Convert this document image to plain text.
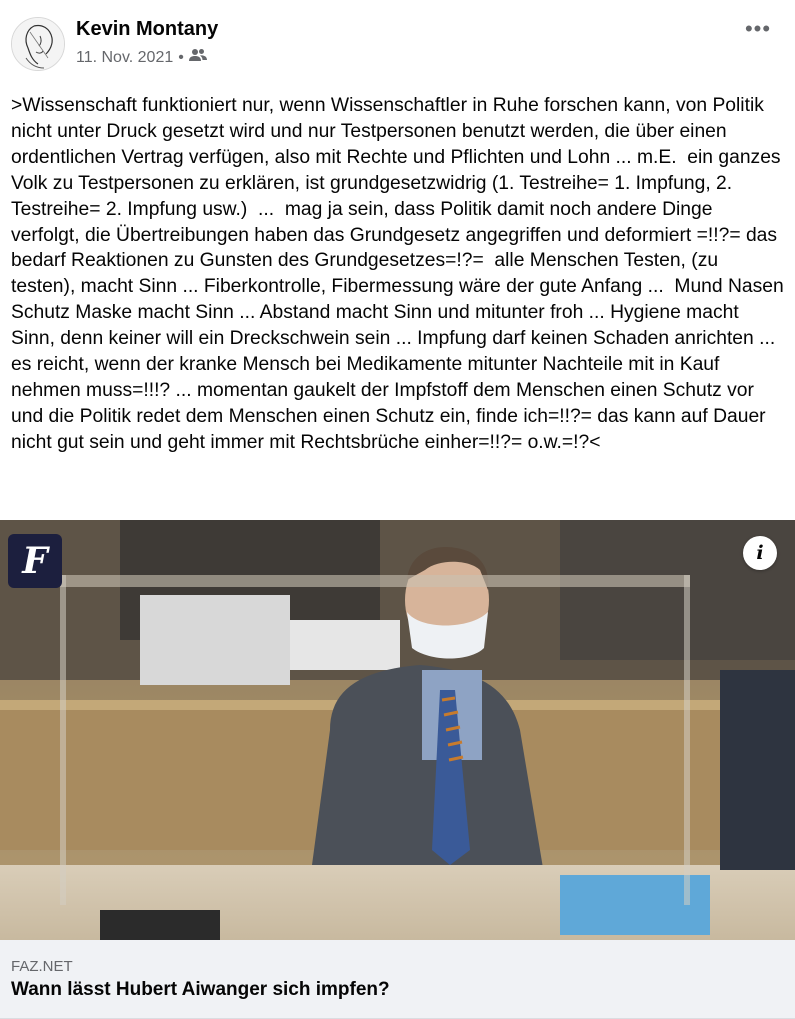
Kevin Montany
11. Nov. 2021 •
•••
>Wissenschaft funktioniert nur, wenn Wissenschaftler in Ruhe forschen kann, von Politik nicht unter Druck gesetzt wird und nur Testpersonen benutzt werden, die über einen ordentlichen Vertrag verfügen, also mit Rechte und Pflichten und Lohn ... m.E.  ein ganzes Volk zu Testpersonen zu erklären, ist grundgesetzwidrig (1. Testreihe= 1. Impfung, 2. Testreihe= 2. Impfung usw.)  ...  mag ja sein, dass Politik damit noch andere Dinge verfolgt, die Übertreibungen haben das Grundgesetz angegriffen und deformiert =!!?= das bedarf Reaktionen zu Gunsten des Grundgesetzes=!?=  alle Menschen Testen, (zu testen), macht Sinn ... Fiberkontrolle, Fibermessung wäre der gute Anfang ...  Mund Nasen Schutz Maske macht Sinn ... Abstand macht Sinn und mitunter froh ... Hygiene macht Sinn, denn keiner will ein Dreckschwein sein ... Impfung darf keinen Schaden anrichten ... es reicht, wenn der kranke Mensch bei Medikamente mitunter Nachteile mit in Kauf nehmen muss=!!!? ... momentan gaukelt der Impfstoff dem Menschen einen Schutz vor und die Politik redet dem Menschen einen Schutz ein, finde ich=!!?= das kann auf Dauer nicht gut sein und geht immer mit Rechtsbrüche einher=!!?= o.w.=!?<
F	i
FAZ.NET
Wann lässt Hubert Aiwanger sich impfen?
